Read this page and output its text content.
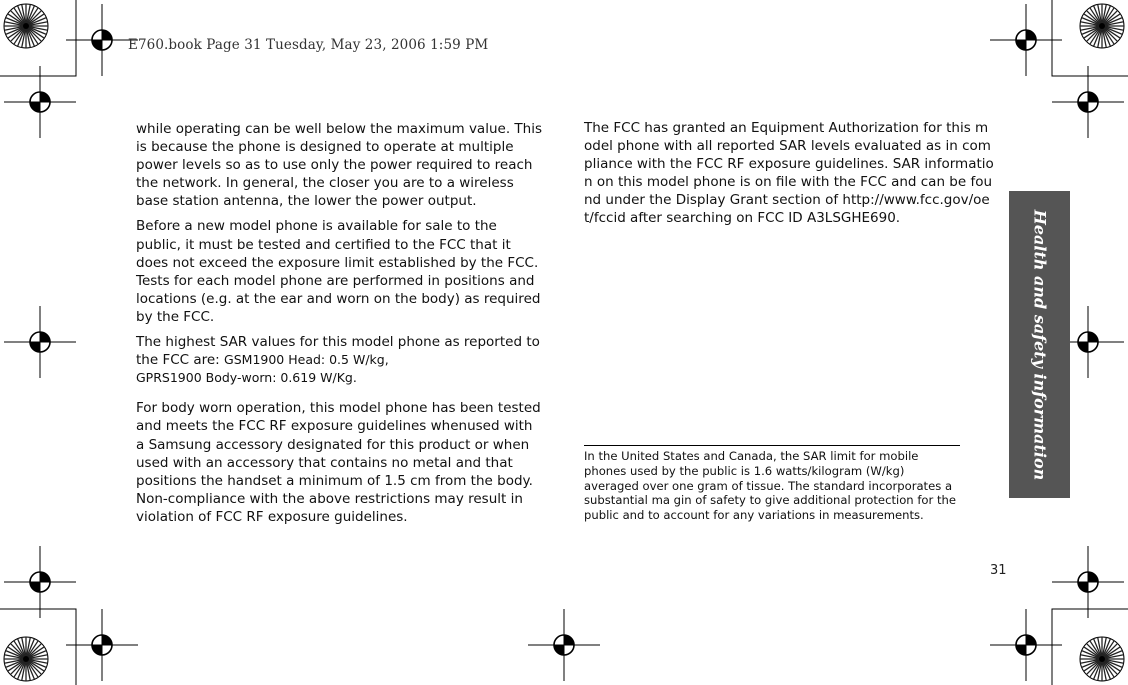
E760.book Page 31 Tuesday, May 23, 2006 1:59 PM

while operating can be well below the maximum value. This is because the phone is designed to operate at multiple power levels so as to use only the power required to reach the network. In general, the closer you are to a wireless base station antenna, the lower the power output.

Before a new model phone is available for sale to the public, it must be tested and certified to the FCC that it does not exceed the exposure limit established by the FCC. Tests for each model phone are performed in positions and locations (e.g. at the ear and worn on the body) as required by the FCC.

The highest SAR values for this model phone as reported to the FCC are: GSM1900 Head: 0.5 W/kg,
GPRS1900 Body-worn: 0.619 W/Kg.

For body worn operation, this model phone has been tested and meets the FCC RF exposure guidelines whenused with a Samsung accessory designated for this product or when used with an accessory that contains no metal and that positions the handset a minimum of 1.5 cm from the body. Non-compliance with the above restrictions may result in violation of FCC RF exposure guidelines.

The FCC has granted an Equipment Authorization for this model phone with all reported SAR levels evaluated as in compliance with the FCC RF exposure guidelines. SAR information on this model phone is on file with the FCC and can be found under the Display Grant section of http://www.fcc.gov/oet/fccid after searching on FCC ID A3LSGHE690.

In the United States and Canada, the SAR limit for mobile phones used by the public is 1.6 watts/kilogram (W/kg) averaged over one gram of tissue. The standard incorporates a substantial ma gin of safety to give additional protection for the public and to account for any variations in measurements.
Health and safety information
31
